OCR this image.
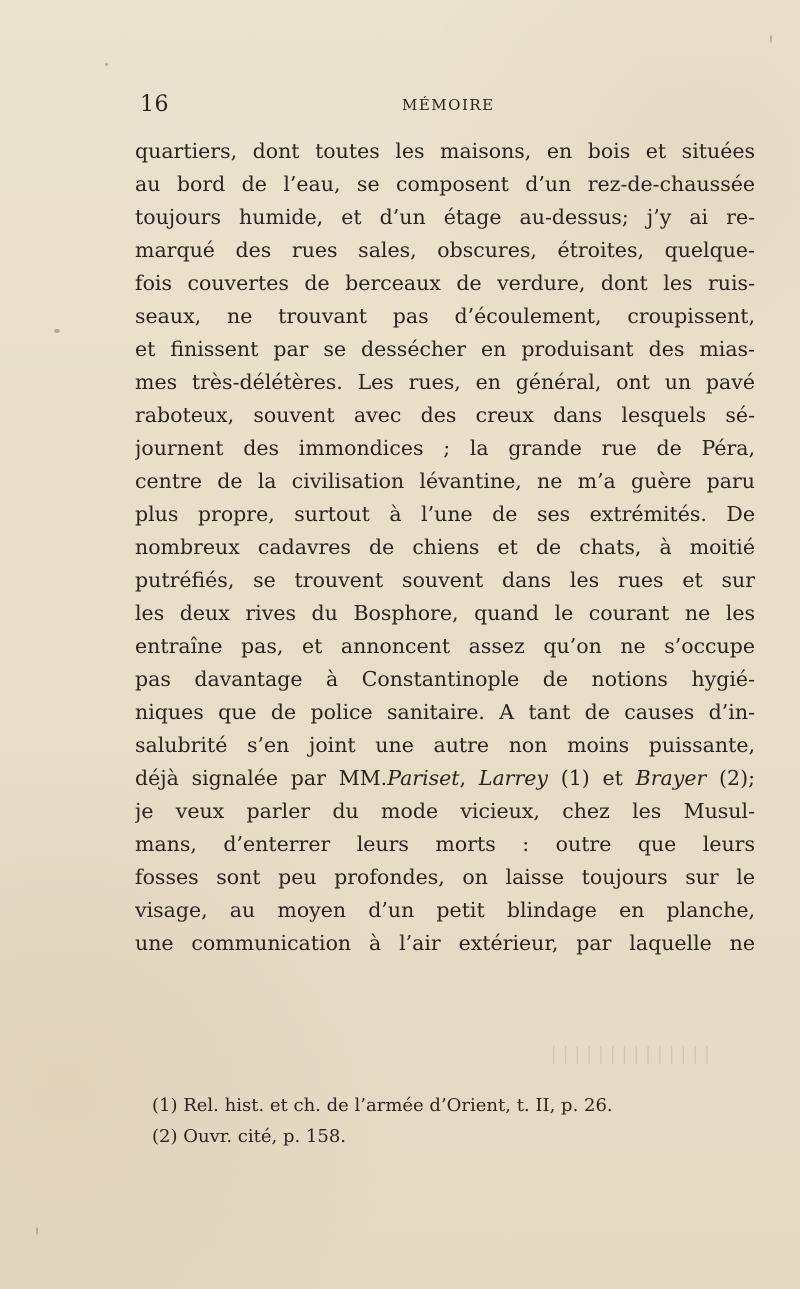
16	MÉMOIRE
quartiers, dont toutes les maisons, en bois et situées
au bord de l’eau, se composent d’un rez-de-chaussée
toujours humide, et d’un étage au-dessus; j’y ai re-
marqué des rues sales, obscures, étroites, quelque-
fois couvertes de berceaux de verdure, dont les ruis-
seaux, ne trouvant pas d’écoulement, croupissent,
et finissent par se dessécher en produisant des mias-
mes très-délétères. Les rues, en général, ont un pavé
raboteux, souvent avec des creux dans lesquels sé-
journent des immondices ; la grande rue de Péra,
centre de la civilisation lévantine, ne m’a guère paru
plus propre, surtout à l’une de ses extrémités. De
nombreux cadavres de chiens et de chats, à moitié
putréfiés, se trouvent souvent dans les rues et sur
les deux rives du Bosphore, quand le courant ne les
entraîne pas, et annoncent assez qu’on ne s’occupe
pas davantage à Constantinople de notions hygié-
niques que de police sanitaire. A tant de causes d’in-
salubrité s’en joint une autre non moins puissante,
déjà signalée par MM.Pariset, Larrey (1) et Brayer (2);
je veux parler du mode vicieux, chez les Musul-
mans, d’enterrer leurs morts : outre que leurs
fosses sont peu profondes, on laisse toujours sur le
visage, au moyen d’un petit blindage en planche,
une communication à l’air extérieur, par laquelle ne
| | | | | | | | | | | | | |
(1) Rel. hist. et ch. de l’armée d’Orient, t. II, p. 26.
(2) Ouvr. cité, p. 158.
